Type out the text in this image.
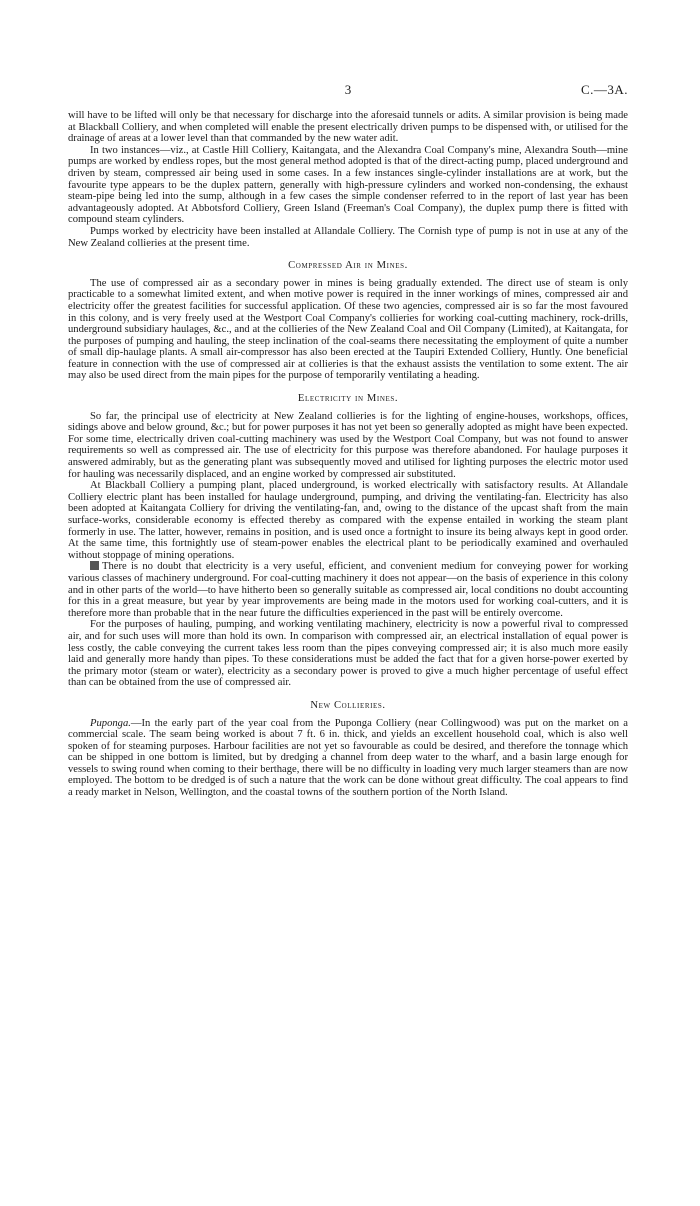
3	C.—3A.

will have to be lifted will only be that necessary for discharge into the aforesaid tunnels or adits. A similar provision is being made at Blackball Colliery, and when completed will enable the present electrically driven pumps to be dispensed with, or utilised for the drainage of areas at a lower level than that commanded by the new water adit.

In two instances—viz., at Castle Hill Colliery, Kaitangata, and the Alexandra Coal Company's mine, Alexandra South—mine pumps are worked by endless ropes, but the most general method adopted is that of the direct-acting pump, placed underground and driven by steam, compressed air being used in some cases. In a few instances single-cylinder installations are at work, but the favourite type appears to be the duplex pattern, generally with high-pressure cylinders and worked non-condensing, the exhaust steam-pipe being led into the sump, although in a few cases the simple condenser referred to in the report of last year has been advantageously adopted. At Abbotsford Colliery, Green Island (Freeman's Coal Company), the duplex pump there is fitted with compound steam cylinders.

Pumps worked by electricity have been installed at Allandale Colliery. The Cornish type of pump is not in use at any of the New Zealand collieries at the present time.

Compressed Air in Mines.

The use of compressed air as a secondary power in mines is being gradually extended. The direct use of steam is only practicable to a somewhat limited extent, and when motive power is required in the inner workings of mines, compressed air and electricity offer the greatest facilities for successful application. Of these two agencies, compressed air is so far the most favoured in this colony, and is very freely used at the Westport Coal Company's collieries for working coal-cutting machinery, rock-drills, underground subsidiary haulages, &c., and at the collieries of the New Zealand Coal and Oil Company (Limited), at Kaitangata, for the purposes of pumping and hauling, the steep inclination of the coal-seams there necessitating the employment of quite a number of small dip-haulage plants. A small air-compressor has also been erected at the Taupiri Extended Colliery, Huntly. One beneficial feature in connection with the use of compressed air at collieries is that the exhaust assists the ventilation to some extent. The air may also be used direct from the main pipes for the purpose of temporarily ventilating a heading.

Electricity in Mines.

So far, the principal use of electricity at New Zealand collieries is for the lighting of engine-houses, workshops, offices, sidings above and below ground, &c.; but for power purposes it has not yet been so generally adopted as might have been expected. For some time, electrically driven coal-cutting machinery was used by the Westport Coal Company, but was not found to answer requirements so well as compressed air. The use of electricity for this purpose was therefore abandoned. For haulage purposes it answered admirably, but as the generating plant was subsequently moved and utilised for lighting purposes the electric motor used for hauling was necessarily displaced, and an engine worked by compressed air substituted.

At Blackball Colliery a pumping plant, placed underground, is worked electrically with satisfactory results. At Allandale Colliery electric plant has been installed for haulage underground, pumping, and driving the ventilating-fan. Electricity has also been adopted at Kaitangata Colliery for driving the ventilating-fan, and, owing to the distance of the upcast shaft from the main surface-works, considerable economy is effected thereby as compared with the expense entailed in working the steam plant formerly in use. The latter, however, remains in position, and is used once a fortnight to insure its being always kept in good order. At the same time, this fortnightly use of steam-power enables the electrical plant to be periodically examined and overhauled without stoppage of mining operations.

There is no doubt that electricity is a very useful, efficient, and convenient medium for conveying power for working various classes of machinery underground. For coal-cutting machinery it does not appear—on the basis of experience in this colony and in other parts of the world—to have hitherto been so generally suitable as compressed air, local conditions no doubt accounting for this in a great measure, but year by year improvements are being made in the motors used for working coal-cutters, and it is therefore more than probable that in the near future the difficulties experienced in the past will be entirely overcome.

For the purposes of hauling, pumping, and working ventilating machinery, electricity is now a powerful rival to compressed air, and for such uses will more than hold its own. In comparison with compressed air, an electrical installation of equal power is less costly, the cable conveying the current takes less room than the pipes conveying compressed air; it is also much more easily laid and generally more handy than pipes. To these considerations must be added the fact that for a given horse-power exerted by the primary motor (steam or water), electricity as a secondary power is proved to give a much higher percentage of useful effect than can be obtained from the use of compressed air.

New Collieries.

Puponga.—In the early part of the year coal from the Puponga Colliery (near Collingwood) was put on the market on a commercial scale. The seam being worked is about 7 ft. 6 in. thick, and yields an excellent household coal, which is also well spoken of for steaming purposes. Harbour facilities are not yet so favourable as could be desired, and therefore the tonnage which can be shipped in one bottom is limited, but by dredging a channel from deep water to the wharf, and a basin large enough for vessels to swing round when coming to their berthage, there will be no difficulty in loading very much larger steamers than are now employed. The bottom to be dredged is of such a nature that the work can be done without great difficulty. The coal appears to find a ready market in Nelson, Wellington, and the coastal towns of the southern portion of the North Island.
